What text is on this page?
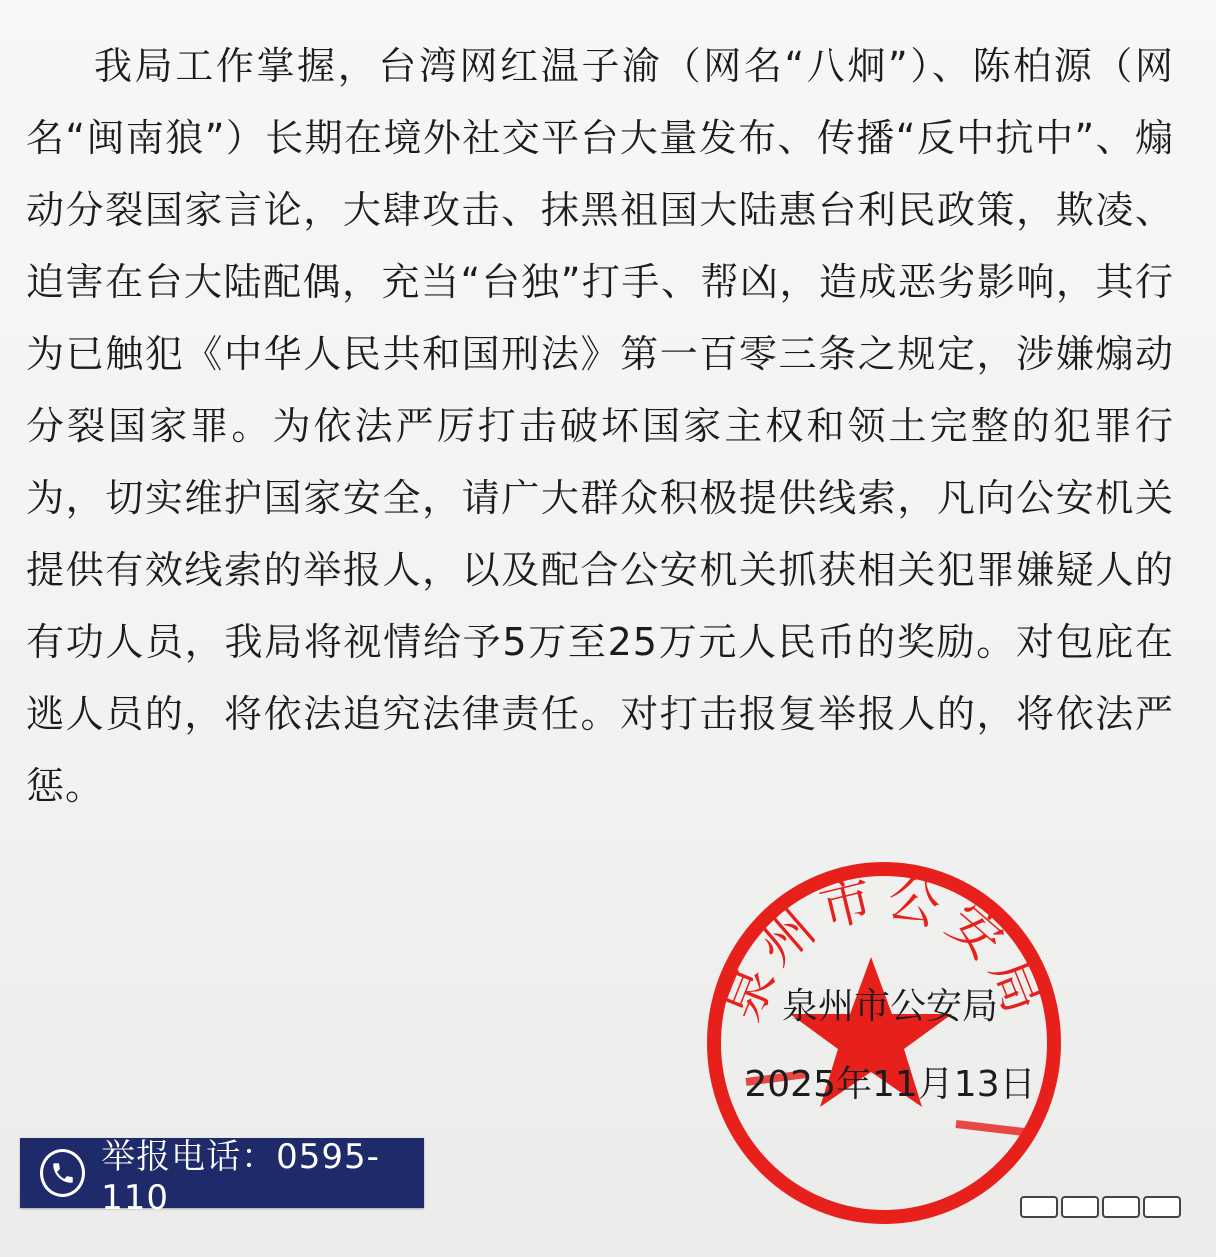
我局工作掌握，台湾网红温子渝（网名“八炯”）、陈柏源（网名“闽南狼”）长期在境外社交平台大量发布、传播“反中抗中”、煽动分裂国家言论，大肆攻击、抹黑祖国大陆惠台利民政策，欺凌、迫害在台大陆配偶，充当“台独”打手、帮凶，造成恶劣影响，其行为已触犯《中华人民共和国刑法》第一百零三条之规定，涉嫌煽动分裂国家罪。为依法严厉打击破坏国家主权和领土完整的犯罪行为，切实维护国家安全，请广大群众积极提供线索，凡向公安机关提供有效线索的举报人，以及配合公安机关抓获相关犯罪嫌疑人的有功人员，我局将视情给予5万至25万元人民币的奖励。对包庇在逃人员的，将依法追究法律责任。对打击报复举报人的，将依法严惩。

泉州市公安局
泉州市公安局
2025年11月13日
举报电话：0595-110
